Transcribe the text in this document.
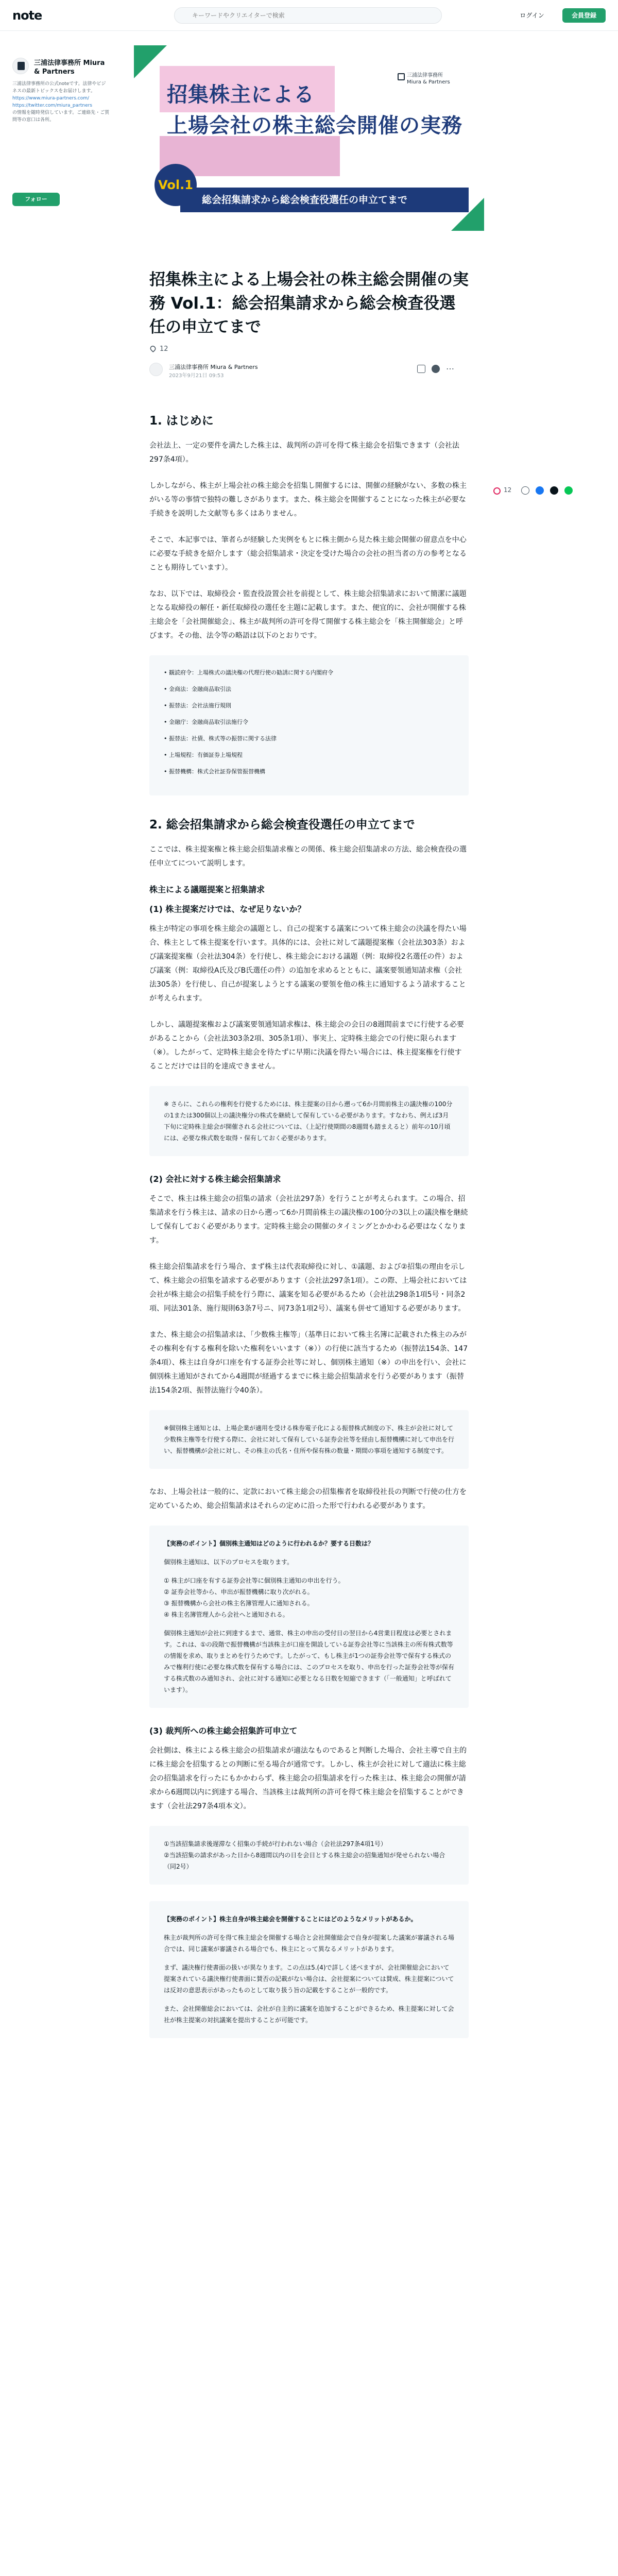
note
キーワードやクリエイターで検索	ログイン	会員登録
三浦法律事務所 Miura & Partners
三浦法律事務所の公式noteです。法律やビジネスの最新トピックスをお届けします。
https://www.miura-partners.com/
https://twitter.com/miura_partners
の情報を随時発信しています。ご連絡先・ご質問等の窓口は各所。
フォロー
招集株主による
上場会社の株主総会開催の実務
三浦法律事務所
Miura & Partners
総会招集請求から総会検査役選任の申立てまで
Vol.1
招集株主による上場会社の株主総会開催の実務 Vol.1：総会招集請求から総会検査役選任の申立てまで
12
三浦法律事務所 Miura & Partners
2023年9月21日 09:53
…
12
1. はじめに

会社法上、一定の要件を満たした株主は、裁判所の許可を得て株主総会を招集できます（会社法297条4項）。

しかしながら、株主が上場会社の株主総会を招集し開催するには、開催の経験がない、多数の株主がいる等の事情で独特の難しさがあります。また、株主総会を開催することになった株主が必要な手続きを説明した文献等も多くはありません。

そこで、本記事では、筆者らが経験した実例をもとに株主側から見た株主総会開催の留意点を中心に必要な手続きを紹介します（総会招集請求・決定を受けた場合の会社の担当者の方の参考となることも期待しています）。

なお、以下では、取締役会・監査役設置会社を前提として、株主総会招集請求において簡潔に議題となる取締役の解任・新任取締役の選任を主題に記載します。また、便宜的に、会社が開催する株主総会を「会社開催総会」、株主が裁判所の許可を得て開催する株主総会を「株主開催総会」と呼びます。その他、法令等の略語は以下のとおりです。

• 観読府令：上場株式の議決権の代理行使の勧誘に関する内閣府令
• 金商法：金融商品取引法
• 振替法：会社法施行規則
• 金融庁：金融商品取引法施行令
• 振替法：社債、株式等の振替に関する法律
• 上場規程：有価証券上場規程
• 振替機構：株式会社証券保管振替機構
2. 総会招集請求から総会検査役選任の申立てまで

ここでは、株主提案権と株主総会招集請求権との関係、株主総会招集請求の方法、総会検査役の選任申立てについて説明します。

株主による議題提案と招集請求
(1) 株主提案だけでは、なぜ足りないか？

株主が特定の事項を株主総会の議題とし、自己の提案する議案について株主総会の決議を得たい場合、株主として株主提案を行います。具体的には、会社に対して議題提案権（会社法303条）および議案提案権（会社法304条）を行使し、株主総会における議題（例：取締役2名選任の件）および議案（例：取締役A氏及びB氏選任の件）の追加を求めるとともに、議案要領通知請求権（会社法305条）を行使し、自己が提案しようとする議案の要領を他の株主に通知するよう請求することが考えられます。

しかし、議題提案権および議案要領通知請求権は、株主総会の会日の8週間前までに行使する必要があることから（会社法303条2項、305条1項）、事実上、定時株主総会での行使に限られます（※）。したがって、定時株主総会を待たずに早期に決議を得たい場合には、株主提案権を行使することだけでは目的を達成できません。

※ さらに、これらの権利を行使するためには、株主提案の日から遡って6か月間前株主の議決権の100分の1または300個以上の議決権分の株式を継続して保有している必要があります。すなわち、例えば3月下旬に定時株主総会が開催される会社については、（上記行使期間の8週間も踏まえると）前年の10月頃には、必要な株式数を取得・保有しておく必要があります。

(2) 会社に対する株主総会招集請求

そこで、株主は株主総会の招集の請求（会社法297条）を行うことが考えられます。この場合、招集請求を行う株主は、請求の日から遡って6か月間前株主の議決権の100分の3以上の議決権を継続して保有しておく必要があります。定時株主総会の開催のタイミングとかかわる必要はなくなります。

株主総会招集請求を行う場合、まず株主は代表取締役に対し、①議題、および②招集の理由を示して、株主総会の招集を請求する必要があります（会社法297条1項）。この際、上場会社においては会社が株主総会の招集手続を行う際に、議案を知る必要があるため（会社法298条1項5号・同条2項、同法301条、施行規則63条7号ニ、同73条1項2号）、議案も併せて通知する必要があります。

また、株主総会の招集請求は、「少数株主権等」（基準日において株主名簿に記載された株主のみがその権利を有する権利を除いた権利をいいます（※））の行使に該当するため（振替法154条、147条4項）、株主は自身が口座を有する証券会社等に対し、個別株主通知（※）の申出を行い、会社に個別株主通知がされてから4週間が経過するまでに株主総会招集請求を行う必要があります（振替法154条2項、振替法施行令40条）。

※個別株主通知とは、上場企業が適用を受ける株券電子化による振替株式制度の下、株主が会社に対して少数株主権等を行使する際に、会社に対して保有している証券会社等を経由し振替機構に対して申出を行い、振替機構が会社に対し、その株主の氏名・住所や保有株の数量・期間の事項を通知する制度です。

なお、上場会社は一般的に、定款において株主総会の招集権者を取締役社長の判断で行使の仕方を定めているため、総会招集請求はそれらの定めに沿った形で行われる必要があります。

【実務のポイント】個別株主通知はどのように行われるか？要する日数は？

個別株主通知は、以下のプロセスを取ります。

① 株主が口座を有する証券会社等に個別株主通知の申出を行う。
② 証券会社等から、申出が振替機構に取り次がれる。
③ 振替機構から会社の株主名簿管理人に通知される。
④ 株主名簿管理人から会社へと通知される。

個別株主通知が会社に到達するまで、通常、株主の申出の受付日の翌日から4営業日程度は必要とされます。これは、①の段階で振替機構が当該株主が口座を開設している証券会社等に当該株主の所有株式数等の情報を求め、取りまとめを行うためです。したがって、もし株主が1つの証券会社等で保有する株式のみで権利行使に必要な株式数を保有する場合には、このプロセスを取り、申出を行った証券会社等が保有する株式数のみ通知され、会社に対する通知に必要となる日数を短縮できます（「一般通知」と呼ばれています）。

(3) 裁判所への株主総会招集許可申立て

会社側は、株主による株主総会の招集請求が適法なものであると判断した場合、会社主導で自主的に株主総会を招集するとの判断に至る場合が通常です。しかし、株主が会社に対して適法に株主総会の招集請求を行ったにもかかわらず、株主総会の招集請求を行った株主は、株主総会の開催が請求から6週間以内に到達する場合、当該株主は裁判所の許可を得て株主総会を招集することができます（会社法297条4項本文）。

①当該招集請求後遅滞なく招集の手続が行われない場合（会社法297条4項1号）
②当該招集の請求があった日から8週間以内の日を会日とする株主総会の招集通知が発せられない場合（同2号）

【実務のポイント】株主自身が株主総会を開催することにはどのようなメリットがあるか。

株主が裁判所の許可を得て株主総会を開催する場合と会社開催総会で自身が提案した議案が審議される場合では、同じ議案が審議される場合でも、株主にとって異なるメリットがあります。

まず、議決権行使書面の扱いが異なります。この点は5.(4)で詳しく述べますが、会社開催総会において提案されている議決権行使書面に賛否の記載がない場合は、会社提案については賛成、株主提案については反対の意思表示があったものとして取り扱う旨の記載をすることが一般的です。

また、会社開催総会においては、会社が自主的に議案を追加することができるため、株主提案に対して会社が株主提案の対抗議案を提出することが可能です。
